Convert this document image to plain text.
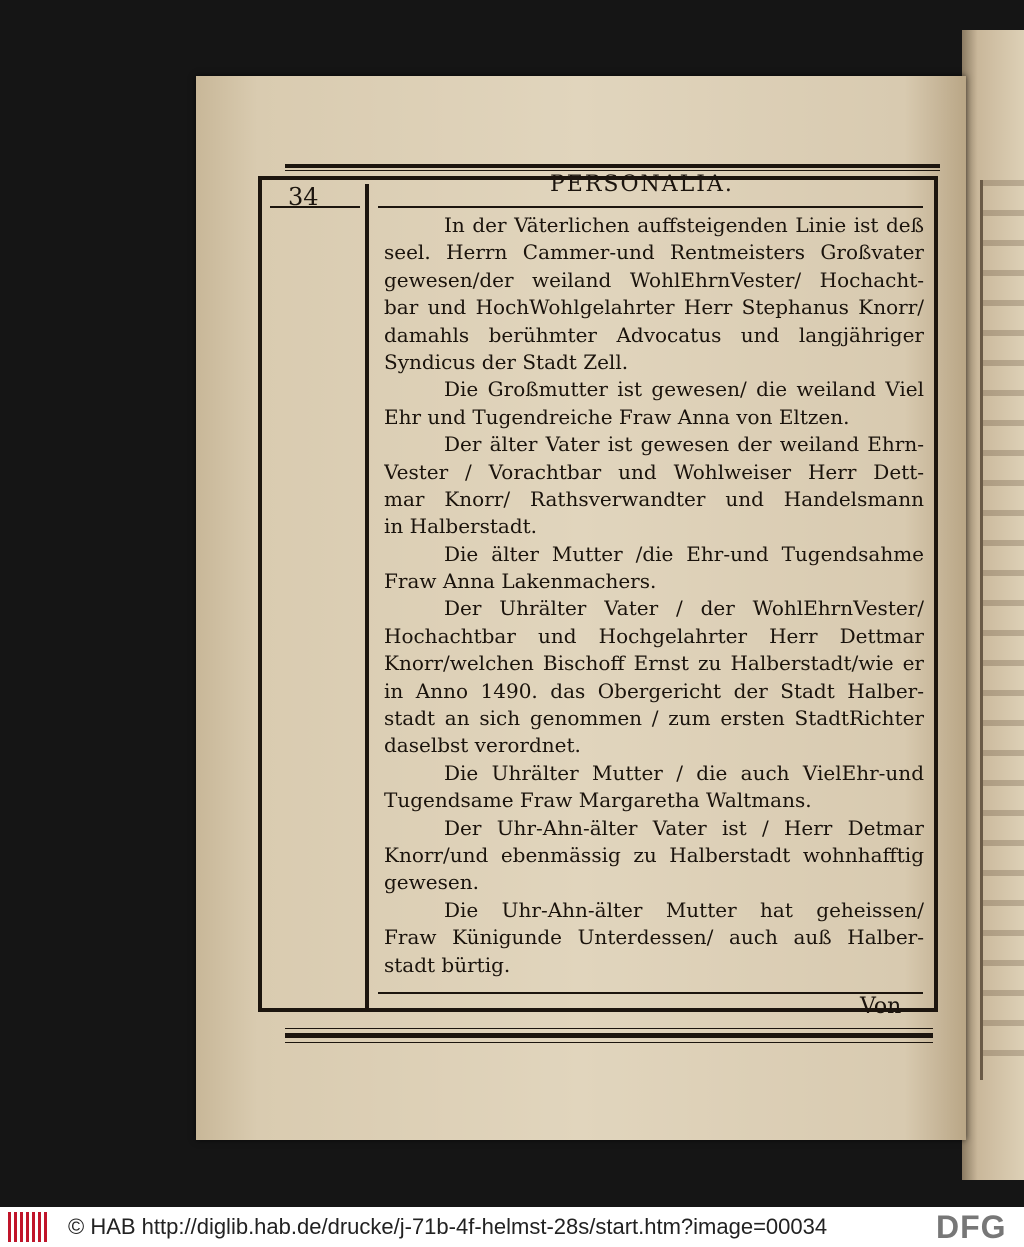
34	PERSONALIA.
In der Väterlichen auffsteigenden Linie ist deß
seel. Herrn Cammer-und Rentmeisters Großvater
gewesen/der weiland WohlEhrnVester/ Hochacht-
bar und HochWohlgelahrter Herr Stephanus Knorr/
damahls berühmter Advocatus und langjähriger
Syndicus der Stadt Zell.
Die Großmutter ist gewesen/ die weiland Viel
Ehr und Tugendreiche Fraw Anna von Eltzen.
Der älter Vater ist gewesen der weiland Ehrn-
Vester / Vorachtbar und Wohlweiser Herr Dett-
mar Knorr/ Rathsverwandter und Handelsmann
in Halberstadt.
Die älter Mutter /die Ehr-und Tugendsahme
Fraw Anna Lakenmachers.
Der Uhrälter Vater / der WohlEhrnVester/
Hochachtbar und Hochgelahrter Herr Dettmar
Knorr/welchen Bischoff Ernst zu Halberstadt/wie er
in Anno 1490. das Obergericht der Stadt Halber-
stadt an sich genommen / zum ersten StadtRichter
daselbst verordnet.
Die Uhrälter Mutter / die auch VielEhr-und
Tugendsame Fraw Margaretha Waltmans.
Der Uhr-Ahn-älter Vater ist / Herr Detmar
Knorr/und ebenmässig zu Halberstadt wohnhafftig
gewesen.
Die Uhr-Ahn-älter Mutter hat geheissen/
Fraw Künigunde Unterdessen/ auch auß Halber-
stadt bürtig.
Von
© HAB http://diglib.hab.de/drucke/j-71b-4f-helmst-28s/start.htm?image=00034	DFG
